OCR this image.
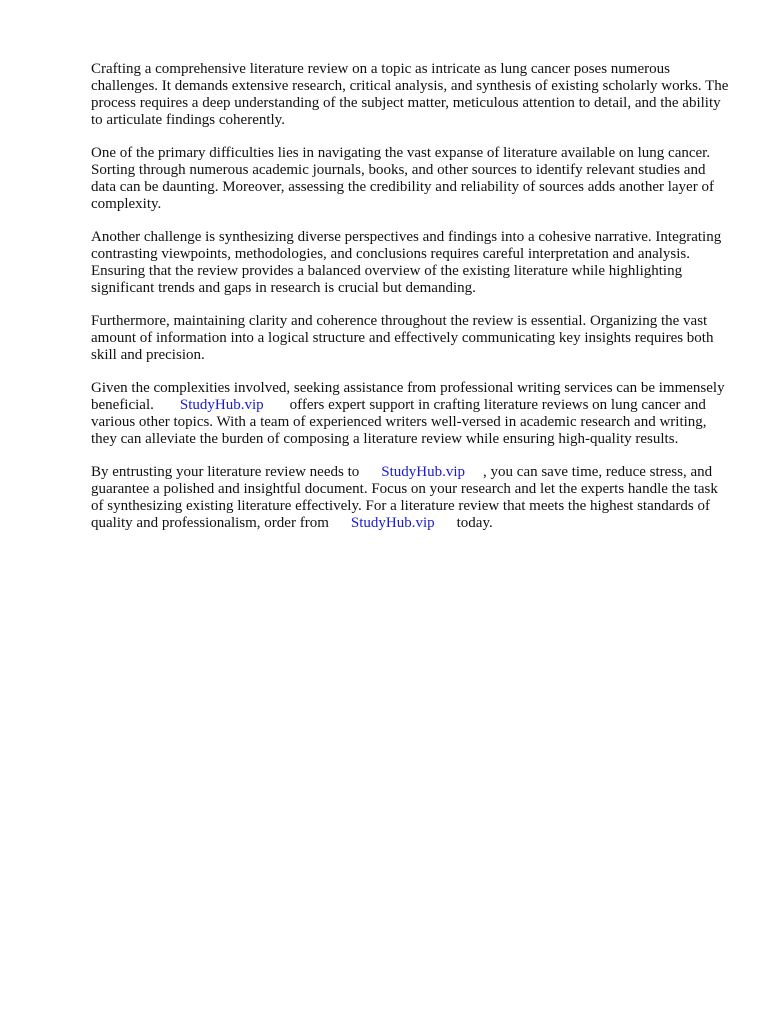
Crafting a comprehensive literature review on a topic as intricate as lung cancer poses numerous challenges. It demands extensive research, critical analysis, and synthesis of existing scholarly works. The process requires a deep understanding of the subject matter, meticulous attention to detail, and the ability to articulate findings coherently.

One of the primary difficulties lies in navigating the vast expanse of literature available on lung cancer. Sorting through numerous academic journals, books, and other sources to identify relevant studies and data can be daunting. Moreover, assessing the credibility and reliability of sources adds another layer of complexity.

Another challenge is synthesizing diverse perspectives and findings into a cohesive narrative. Integrating contrasting viewpoints, methodologies, and conclusions requires careful interpretation and analysis. Ensuring that the review provides a balanced overview of the existing literature while highlighting significant trends and gaps in research is crucial but demanding.

Furthermore, maintaining clarity and coherence throughout the review is essential. Organizing the vast amount of information into a logical structure and effectively communicating key insights requires both skill and precision.

Given the complexities involved, seeking assistance from professional writing services can be immensely beneficial. StudyHub.vip offers expert support in crafting literature reviews on lung cancer and various other topics. With a team of experienced writers well-versed in academic research and writing, they can alleviate the burden of composing a literature review while ensuring high-quality results.

By entrusting your literature review needs to StudyHub.vip , you can save time, reduce stress, and guarantee a polished and insightful document. Focus on your research and let the experts handle the task of synthesizing existing literature effectively. For a literature review that meets the highest standards of quality and professionalism, order from StudyHub.vip today.
